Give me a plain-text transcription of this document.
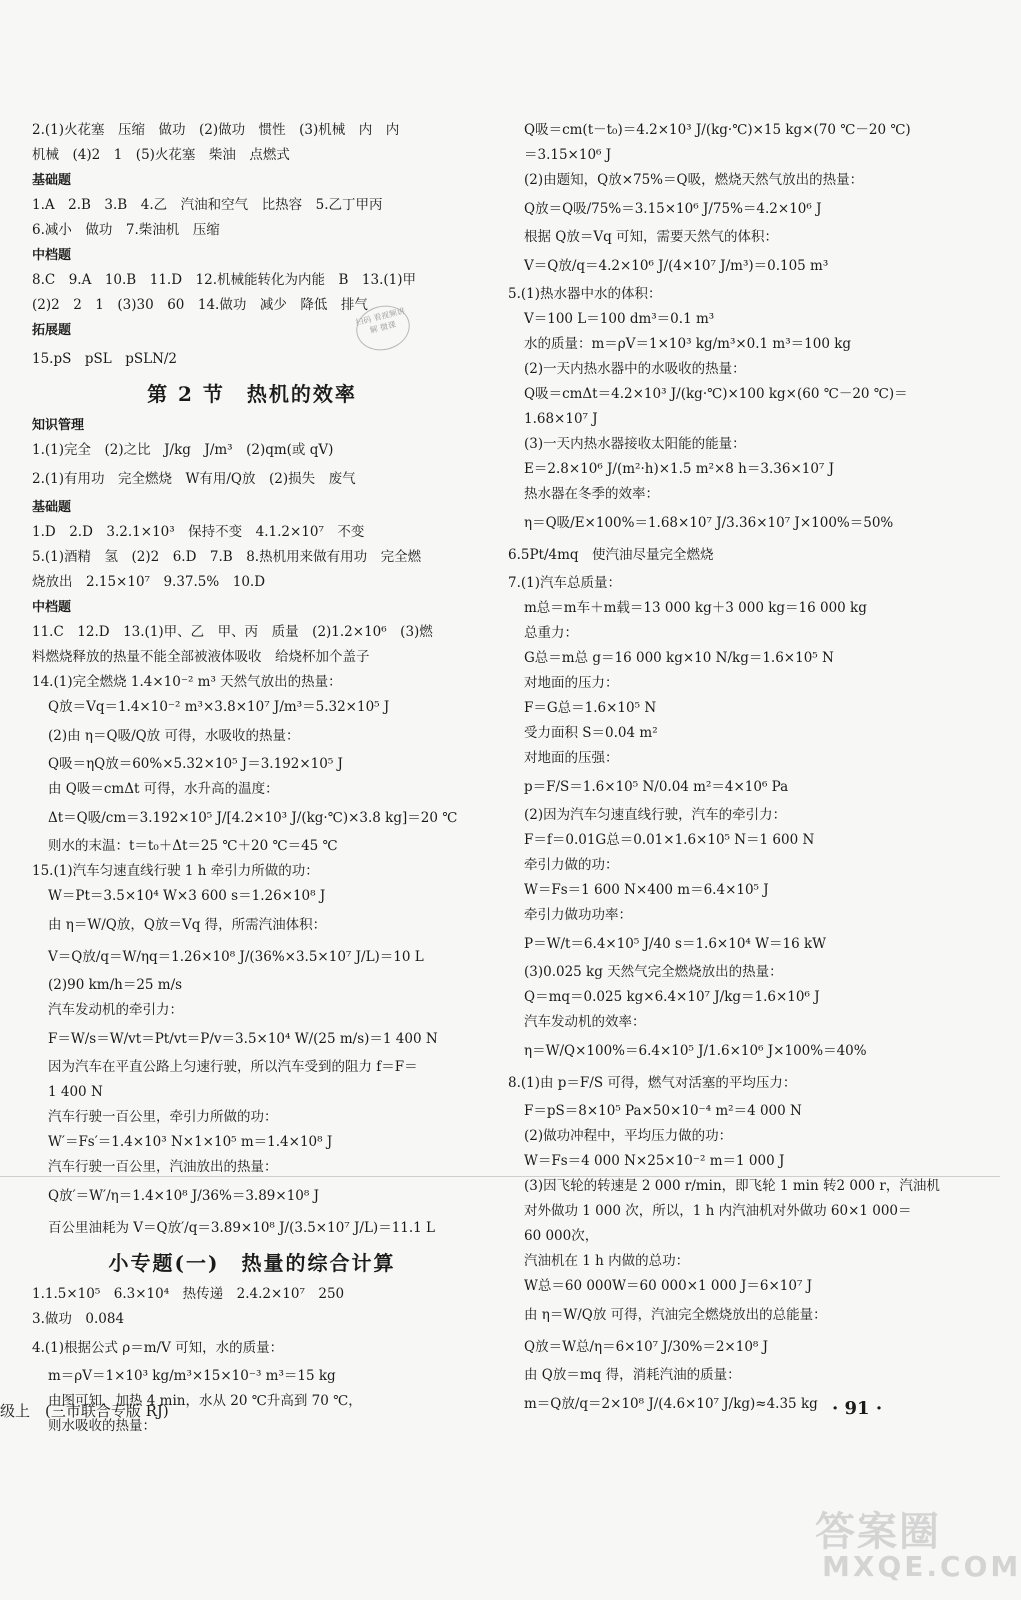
2.(1)火花塞　压缩　做功　(2)做功　惯性　(3)机械　内　内
机械　(4)2　1　(5)火花塞　柴油　点燃式
基础题
1.A　2.B　3.B　4.乙　汽油和空气　比热容　5.乙丁甲丙
6.减小　做功　7.柴油机　压缩
中档题
8.C　9.A　10.B　11.D　12.机械能转化为内能　B　13.(1)甲
(2)2　2　1　(3)30　60　14.做功　减少　降低　排气
拓展题
15.pS　pSL　pSLN/2
第 2 节　热机的效率
知识管理
1.(1)完全　(2)之比　J/kg　J/m³　(2)qm(或 qV)
2.(1)有用功　完全燃烧　W有用/Q放　(2)损失　废气
基础题
1.D　2.D　3.2.1×10³　保持不变　4.1.2×10⁷　不变
5.(1)酒精　氢　(2)2　6.D　7.B　8.热机用来做有用功　完全燃
烧放出　2.15×10⁷　9.37.5%　10.D
中档题
11.C　12.D　13.(1)甲、乙　甲、丙　质量　(2)1.2×10⁶　(3)燃
料燃烧释放的热量不能全部被液体吸收　给烧杯加个盖子
14.(1)完全燃烧 1.4×10⁻² m³ 天然气放出的热量：
Q放＝Vq＝1.4×10⁻² m³×3.8×10⁷ J/m³＝5.32×10⁵ J
(2)由 η＝Q吸/Q放 可得，水吸收的热量：
Q吸＝ηQ放＝60%×5.32×10⁵ J＝3.192×10⁵ J
由 Q吸＝cmΔt 可得，水升高的温度：
Δt＝Q吸/cm＝3.192×10⁵ J/[4.2×10³ J/(kg·℃)×3.8 kg]＝20 ℃
则水的末温：t＝t₀＋Δt＝25 ℃＋20 ℃＝45 ℃
15.(1)汽车匀速直线行驶 1 h 牵引力所做的功：
W＝Pt＝3.5×10⁴ W×3 600 s＝1.26×10⁸ J
由 η＝W/Q放，Q放＝Vq 得，所需汽油体积：
V＝Q放/q＝W/ηq＝1.26×10⁸ J/(36%×3.5×10⁷ J/L)＝10 L
(2)90 km/h＝25 m/s
汽车发动机的牵引力：
F＝W/s＝W/vt＝Pt/vt＝P/v＝3.5×10⁴ W/(25 m/s)＝1 400 N
因为汽车在平直公路上匀速行驶，所以汽车受到的阻力 f＝F＝
1 400 N
汽车行驶一百公里，牵引力所做的功：
W′＝Fs′＝1.4×10³ N×1×10⁵ m＝1.4×10⁸ J
汽车行驶一百公里，汽油放出的热量：
Q放′＝W′/η＝1.4×10⁸ J/36%＝3.89×10⁸ J
百公里油耗为 V＝Q放′/q＝3.89×10⁸ J/(3.5×10⁷ J/L)＝11.1 L
小专题(一)　热量的综合计算
1.1.5×10⁵　6.3×10⁴　热传递　2.4.2×10⁷　250
3.做功　0.084
4.(1)根据公式 ρ＝m/V 可知，水的质量：
m＝ρV＝1×10³ kg/m³×15×10⁻³ m³＝15 kg
由图可知，加热 4 min，水从 20 ℃升高到 70 ℃，
则水吸收的热量：
Q吸＝cm(t－t₀)＝4.2×10³ J/(kg·℃)×15 kg×(70 ℃－20 ℃)
＝3.15×10⁶ J
(2)由题知，Q放×75%＝Q吸，燃烧天然气放出的热量：
Q放＝Q吸/75%＝3.15×10⁶ J/75%＝4.2×10⁶ J
根据 Q放＝Vq 可知，需要天然气的体积：
V＝Q放/q＝4.2×10⁶ J/(4×10⁷ J/m³)＝0.105 m³
5.(1)热水器中水的体积：
V＝100 L＝100 dm³＝0.1 m³
水的质量：m＝ρV＝1×10³ kg/m³×0.1 m³＝100 kg
(2)一天内热水器中的水吸收的热量：
Q吸＝cmΔt＝4.2×10³ J/(kg·℃)×100 kg×(60 ℃－20 ℃)＝
1.68×10⁷ J
(3)一天内热水器接收太阳能的能量：
E＝2.8×10⁶ J/(m²·h)×1.5 m²×8 h＝3.36×10⁷ J
热水器在冬季的效率：
η＝Q吸/E×100%＝1.68×10⁷ J/3.36×10⁷ J×100%＝50%
6.5Pt/4mq　使汽油尽量完全燃烧
7.(1)汽车总质量：
m总＝m车＋m载＝13 000 kg＋3 000 kg＝16 000 kg
总重力：
G总＝m总 g＝16 000 kg×10 N/kg＝1.6×10⁵ N
对地面的压力：
F＝G总＝1.6×10⁵ N
受力面积 S＝0.04 m²
对地面的压强：
p＝F/S＝1.6×10⁵ N/0.04 m²＝4×10⁶ Pa
(2)因为汽车匀速直线行驶，汽车的牵引力：
F＝f＝0.01G总＝0.01×1.6×10⁵ N＝1 600 N
牵引力做的功：
W＝Fs＝1 600 N×400 m＝6.4×10⁵ J
牵引力做功功率：
P＝W/t＝6.4×10⁵ J/40 s＝1.6×10⁴ W＝16 kW
(3)0.025 kg 天然气完全燃烧放出的热量：
Q＝mq＝0.025 kg×6.4×10⁷ J/kg＝1.6×10⁶ J
汽车发动机的效率：
η＝W/Q×100%＝6.4×10⁵ J/1.6×10⁶ J×100%＝40%
8.(1)由 p＝F/S 可得，燃气对活塞的平均压力：
F＝pS＝8×10⁵ Pa×50×10⁻⁴ m²＝4 000 N
(2)做功冲程中，平均压力做的功：
W＝Fs＝4 000 N×25×10⁻² m＝1 000 J
(3)因飞轮的转速是 2 000 r/min，即飞轮 1 min 转2 000 r，汽油机
对外做功 1 000 次，所以，1 h 内汽油机对外做功 60×1 000＝
60 000次，
汽油机在 1 h 内做的总功：
W总＝60 000W＝60 000×1 000 J＝6×10⁷ J
由 η＝W/Q放 可得，汽油完全燃烧放出的总能量：
Q放＝W总/η＝6×10⁷ J/30%＝2×10⁸ J
由 Q放＝mq 得，消耗汽油的质量：
m＝Q放/q＝2×10⁸ J/(4.6×10⁷ J/kg)≈4.35 kg
扫码 看视频讲解 微课
级上　(三市联合专版 RJ)	· 91 ·
答案圈
MXQE.COM
